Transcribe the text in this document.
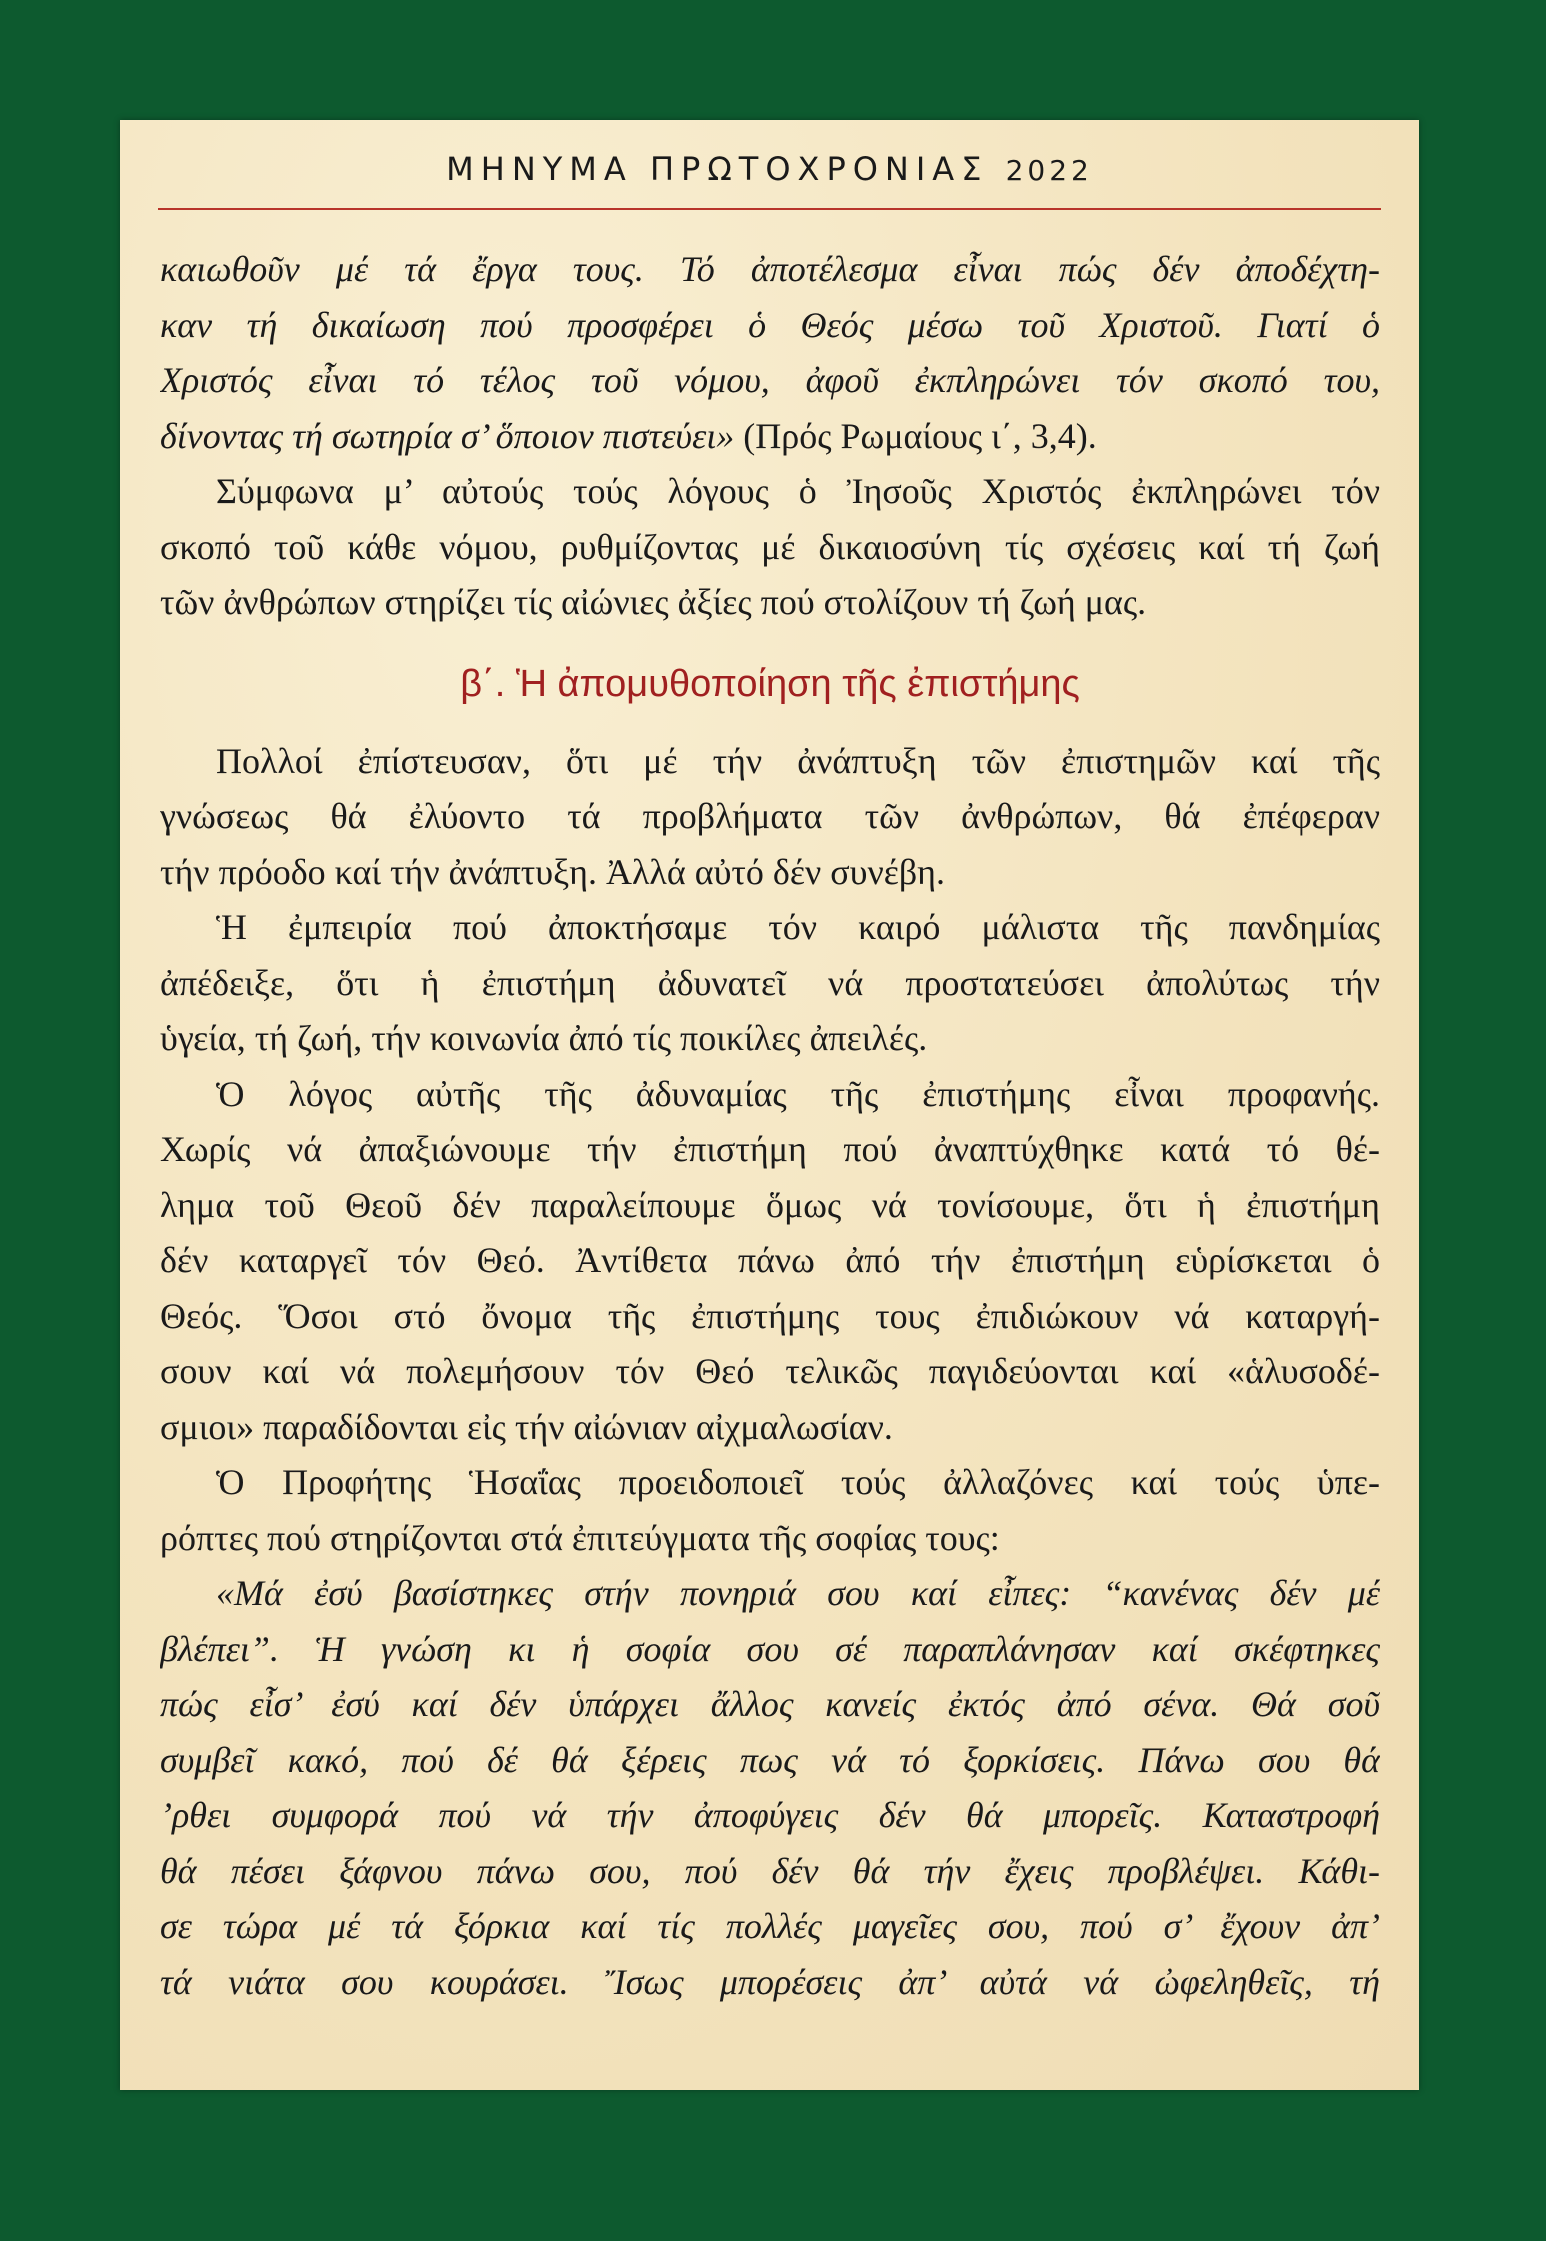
ΜΗΝΥΜΑ ΠΡΩΤΟΧΡΟΝΙΑΣ 2022
καιωθοῦν μέ τά ἔργα τους. Τό ἀποτέλεσμα εἶναι πώς δέν ἀποδέχτη-
καν τή δικαίωση πού προσφέρει ὁ Θεός μέσω τοῦ Χριστοῦ. Γιατί ὁ
Χριστός εἶναι τό τέλος τοῦ νόμου, ἀφοῦ ἐκπληρώνει τόν σκοπό του,
δίνοντας τή σωτηρία σ’ ὅποιον πιστεύει» (Πρός Ρωμαίους ι΄, 3,4).
Σύμφωνα μ’ αὐτούς τούς λόγους ὁ Ἰησοῦς Χριστός ἐκπληρώνει τόν
σκοπό τοῦ κάθε νόμου, ρυθμίζοντας μέ δικαιοσύνη τίς σχέσεις καί τή ζωή
τῶν ἀνθρώπων στηρίζει τίς αἰώνιες ἀξίες πού στολίζουν τή ζωή μας.
β΄. Ἡ ἀπομυθοποίηση τῆς ἐπιστήμης
Πολλοί ἐπίστευσαν, ὅτι μέ τήν ἀνάπτυξη τῶν ἐπιστημῶν καί τῆς
γνώσεως θά ἐλύοντο τά προβλήματα τῶν ἀνθρώπων, θά ἐπέφεραν
τήν πρόοδο καί τήν ἀνάπτυξη. Ἀλλά αὐτό δέν συνέβη.
Ἡ ἐμπειρία πού ἀποκτήσαμε τόν καιρό μάλιστα τῆς πανδημίας
ἀπέδειξε, ὅτι ἡ ἐπιστήμη ἀδυνατεῖ νά προστατεύσει ἀπολύτως τήν
ὑγεία, τή ζωή, τήν κοινωνία ἀπό τίς ποικίλες ἀπειλές.
Ὁ λόγος αὐτῆς τῆς ἀδυναμίας τῆς ἐπιστήμης εἶναι προφανής.
Χωρίς νά ἀπαξιώνουμε τήν ἐπιστήμη πού ἀναπτύχθηκε κατά τό θέ-
λημα τοῦ Θεοῦ δέν παραλείπουμε ὅμως νά τονίσουμε, ὅτι ἡ ἐπιστήμη
δέν καταργεῖ τόν Θεό. Ἀντίθετα πάνω ἀπό τήν ἐπιστήμη εὑρίσκεται ὁ
Θεός. Ὅσοι στό ὄνομα τῆς ἐπιστήμης τους ἐπιδιώκουν νά καταργή-
σουν καί νά πολεμήσουν τόν Θεό τελικῶς παγιδεύονται καί «ἁλυσοδέ-
σμιοι» παραδίδονται εἰς τήν αἰώνιαν αἰχμαλωσίαν.
Ὁ Προφήτης Ἡσαΐας προειδοποιεῖ τούς ἀλλαζόνες καί τούς ὑπε-
ρόπτες πού στηρίζονται στά ἐπιτεύγματα τῆς σοφίας τους:
«Μά ἐσύ βασίστηκες στήν πονηριά σου καί εἶπες: “κανένας δέν μέ
βλέπει”. Ἡ γνώση κι ἡ σοφία σου σέ παραπλάνησαν καί σκέφτηκες
πώς εἶσ’ ἐσύ καί δέν ὑπάρχει ἄλλος κανείς ἐκτός ἀπό σένα. Θά σοῦ
συμβεῖ κακό, πού δέ θά ξέρεις πως νά τό ξορκίσεις. Πάνω σου θά
’ρθει συμφορά πού νά τήν ἀποφύγεις δέν θά μπορεῖς. Καταστροφή
θά πέσει ξάφνου πάνω σου, πού δέν θά τήν ἔχεις προβλέψει. Κάθι-
σε τώρα μέ τά ξόρκια καί τίς πολλές μαγεῖες σου, πού σ’ ἔχουν ἀπ’
τά νιάτα σου κουράσει. Ἴσως μπορέσεις ἀπ’ αὐτά νά ὠφεληθεῖς, τή
